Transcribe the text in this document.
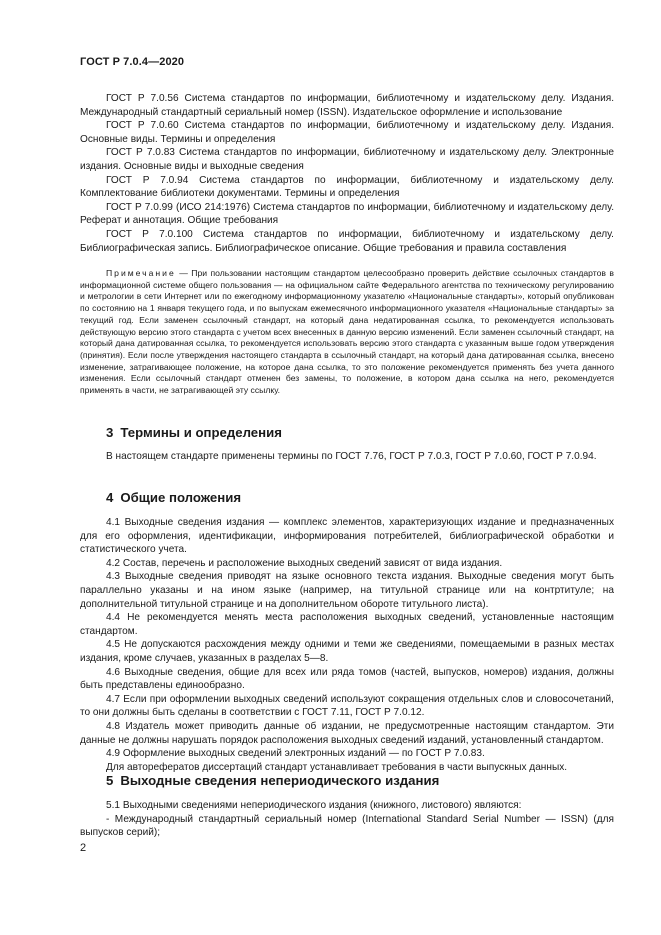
ГОСТ Р 7.0.4—2020

ГОСТ Р 7.0.56 Система стандартов по информации, библиотечному и издательскому делу. Издания. Международный стандартный сериальный номер (ISSN). Издательское оформление и использование

ГОСТ Р 7.0.60 Система стандартов по информации, библиотечному и издательскому делу. Издания. Основные виды. Термины и определения

ГОСТ Р 7.0.83 Система стандартов по информации, библиотечному и издательскому делу. Электронные издания. Основные виды и выходные сведения

ГОСТ Р 7.0.94 Система стандартов по информации, библиотечному и издательскому делу. Комплектование библиотеки документами. Термины и определения

ГОСТ Р 7.0.99 (ИСО 214:1976) Система стандартов по информации, библиотечному и издательскому делу. Реферат и аннотация. Общие требования

ГОСТ Р 7.0.100 Система стандартов по информации, библиотечному и издательскому делу. Библиографическая запись. Библиографическое описание. Общие требования и правила составления

Примечание — При пользовании настоящим стандартом целесообразно проверить действие ссылочных стандартов в информационной системе общего пользования — на официальном сайте Федерального агентства по техническому регулированию и метрологии в сети Интернет или по ежегодному информационному указателю «Национальные стандарты», который опубликован по состоянию на 1 января текущего года, и по выпускам ежемесячного информационного указателя «Национальные стандарты» за текущий год. Если заменен ссылочный стандарт, на который дана недатированная ссылка, то рекомендуется использовать действующую версию этого стандарта с учетом всех внесенных в данную версию изменений. Если заменен ссылочный стандарт, на который дана датированная ссылка, то рекомендуется использовать версию этого стандарта с указанным выше годом утверждения (принятия). Если после утверждения настоящего стандарта в ссылочный стандарт, на который дана датированная ссылка, внесено изменение, затрагивающее положение, на которое дана ссылка, то это положение рекомендуется применять без учета данного изменения. Если ссылочный стандарт отменен без замены, то положение, в котором дана ссылка на него, рекомендуется применять в части, не затрагивающей эту ссылку.

3 Термины и определения

В настоящем стандарте применены термины по ГОСТ 7.76, ГОСТ Р 7.0.3, ГОСТ Р 7.0.60, ГОСТ Р 7.0.94.

4 Общие положения

4.1 Выходные сведения издания — комплекс элементов, характеризующих издание и предназначенных для его оформления, идентификации, информирования потребителей, библиографической обработки и статистического учета.

4.2 Состав, перечень и расположение выходных сведений зависят от вида издания.

4.3 Выходные сведения приводят на языке основного текста издания. Выходные сведения могут быть параллельно указаны и на ином языке (например, на титульной странице или на контртитуле; на дополнительной титульной странице и на дополнительном обороте титульного листа).

4.4 Не рекомендуется менять места расположения выходных сведений, установленные настоящим стандартом.

4.5 Не допускаются расхождения между одними и теми же сведениями, помещаемыми в разных местах издания, кроме случаев, указанных в разделах 5—8.

4.6 Выходные сведения, общие для всех или ряда томов (частей, выпусков, номеров) издания, должны быть представлены единообразно.

4.7 Если при оформлении выходных сведений используют сокращения отдельных слов и словосочетаний, то они должны быть сделаны в соответствии с ГОСТ 7.11, ГОСТ Р 7.0.12.

4.8 Издатель может приводить данные об издании, не предусмотренные настоящим стандартом. Эти данные не должны нарушать порядок расположения выходных сведений изданий, установленный стандартом.

4.9 Оформление выходных сведений электронных изданий — по ГОСТ Р 7.0.83.

Для авторефератов диссертаций стандарт устанавливает требования в части выпускных данных.

5 Выходные сведения непериодического издания

5.1 Выходными сведениями непериодического издания (книжного, листового) являются:

- Международный стандартный сериальный номер (International Standard Serial Number — ISSN) (для выпусков серий);

2
